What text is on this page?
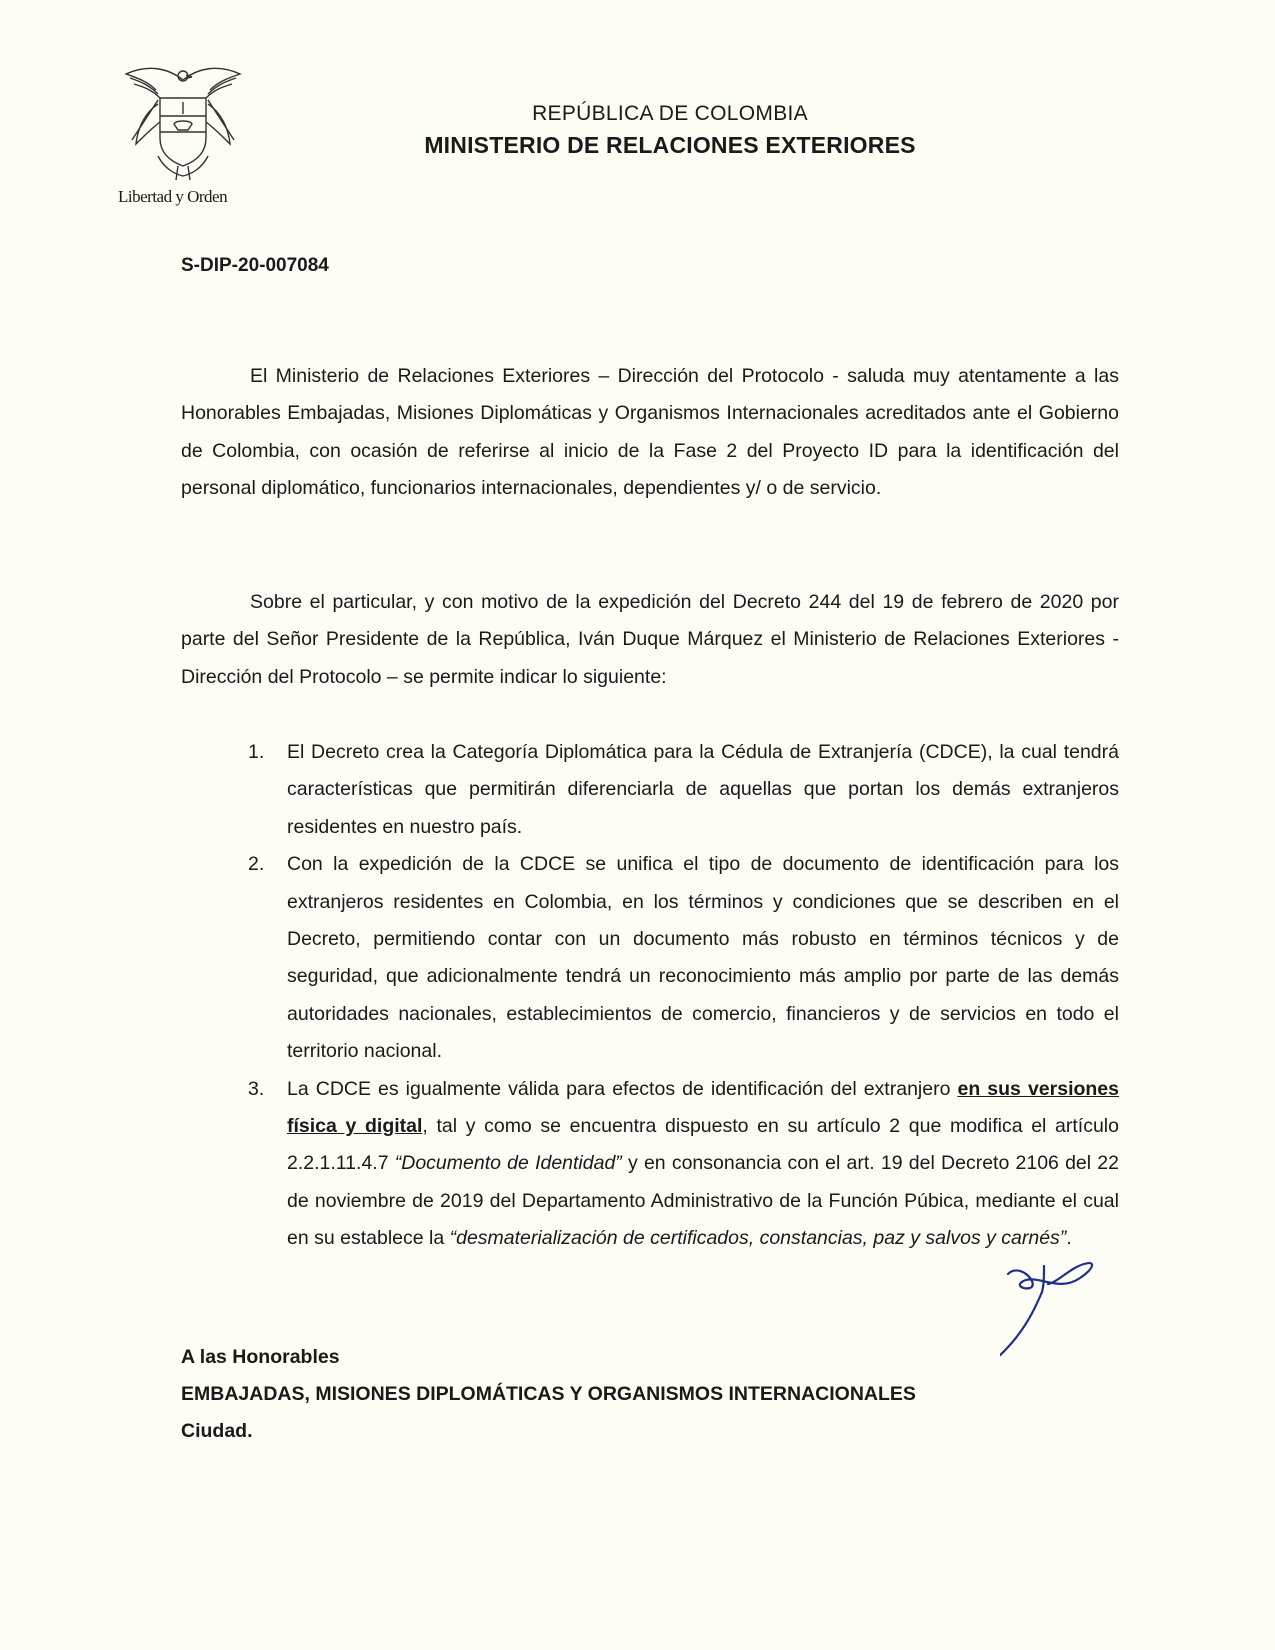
Libertad y Orden
REPÚBLICA DE COLOMBIA
MINISTERIO DE RELACIONES EXTERIORES
S-DIP-20-007084
El Ministerio de Relaciones Exteriores – Dirección del Protocolo - saluda muy atentamente a las Honorables Embajadas, Misiones Diplomáticas y Organismos Internacionales acreditados ante el Gobierno de Colombia, con ocasión de referirse al inicio de la Fase 2 del Proyecto ID para la identificación del personal diplomático, funcionarios internacionales, dependientes y/ o de servicio.
Sobre el particular, y con motivo de la expedición del Decreto 244 del 19 de febrero de 2020 por parte del Señor Presidente de la República, Iván Duque Márquez el Ministerio de Relaciones Exteriores - Dirección del Protocolo – se permite indicar lo siguiente:
1. El Decreto crea la Categoría Diplomática para la Cédula de Extranjería (CDCE), la cual tendrá características que permitirán diferenciarla de aquellas que portan los demás extranjeros residentes en nuestro país.
2. Con la expedición de la CDCE se unifica el tipo de documento de identificación para los extranjeros residentes en Colombia, en los términos y condiciones que se describen en el Decreto, permitiendo contar con un documento más robusto en términos técnicos y de seguridad, que adicionalmente tendrá un reconocimiento más amplio por parte de las demás autoridades nacionales, establecimientos de comercio, financieros y de servicios en todo el territorio nacional.
3. La CDCE es igualmente válida para efectos de identificación del extranjero en sus versiones física y digital, tal y como se encuentra dispuesto en su artículo 2 que modifica el artículo 2.2.1.11.4.7 “Documento de Identidad” y en consonancia con el art. 19 del Decreto 2106 del 22 de noviembre de 2019 del Departamento Administrativo de la Función Púbica, mediante el cual en su establece la “desmaterialización de certificados, constancias, paz y salvos y carnés”.
A las Honorables
EMBAJADAS, MISIONES DIPLOMÁTICAS Y ORGANISMOS INTERNACIONALES
Ciudad.
